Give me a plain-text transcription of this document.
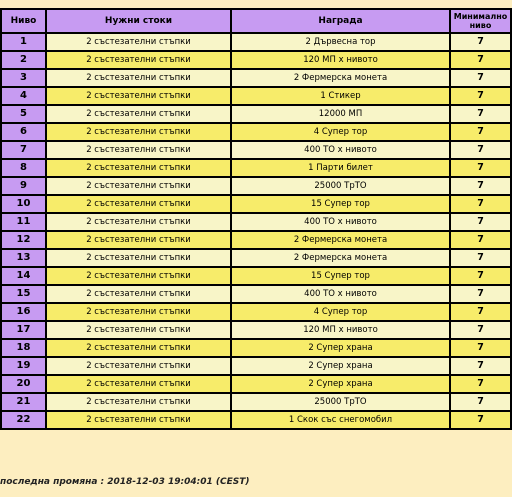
Ниво	Нужни стоки	Награда	Минимално ниво
1	2 състезателни стъпки	2 Дървесна тор	7
2	2 състезателни стъпки	120 МП х нивото	7
3	2 състезателни стъпки	2 Фермерска монета	7
4	2 състезателни стъпки	1 Стикер	7
5	2 състезателни стъпки	12000 МП	7
6	2 състезателни стъпки	4 Супер тор	7
7	2 състезателни стъпки	400 ТО х нивото	7
8	2 състезателни стъпки	1 Парти билет	7
9	2 състезателни стъпки	25000 ТрТО	7
10	2 състезателни стъпки	15 Супер тор	7
11	2 състезателни стъпки	400 ТО х нивото	7
12	2 състезателни стъпки	2 Фермерска монета	7
13	2 състезателни стъпки	2 Фермерска монета	7
14	2 състезателни стъпки	15 Супер тор	7
15	2 състезателни стъпки	400 ТО х нивото	7
16	2 състезателни стъпки	4 Супер тор	7
17	2 състезателни стъпки	120 МП х нивото	7
18	2 състезателни стъпки	2 Супер храна	7
19	2 състезателни стъпки	2 Супер храна	7
20	2 състезателни стъпки	2 Супер храна	7
21	2 състезателни стъпки	25000 ТрТО	7
22	2 състезателни стъпки	1 Скок със снегомобил	7
последна промяна : 2018-12-03 19:04:01 (CEST)
